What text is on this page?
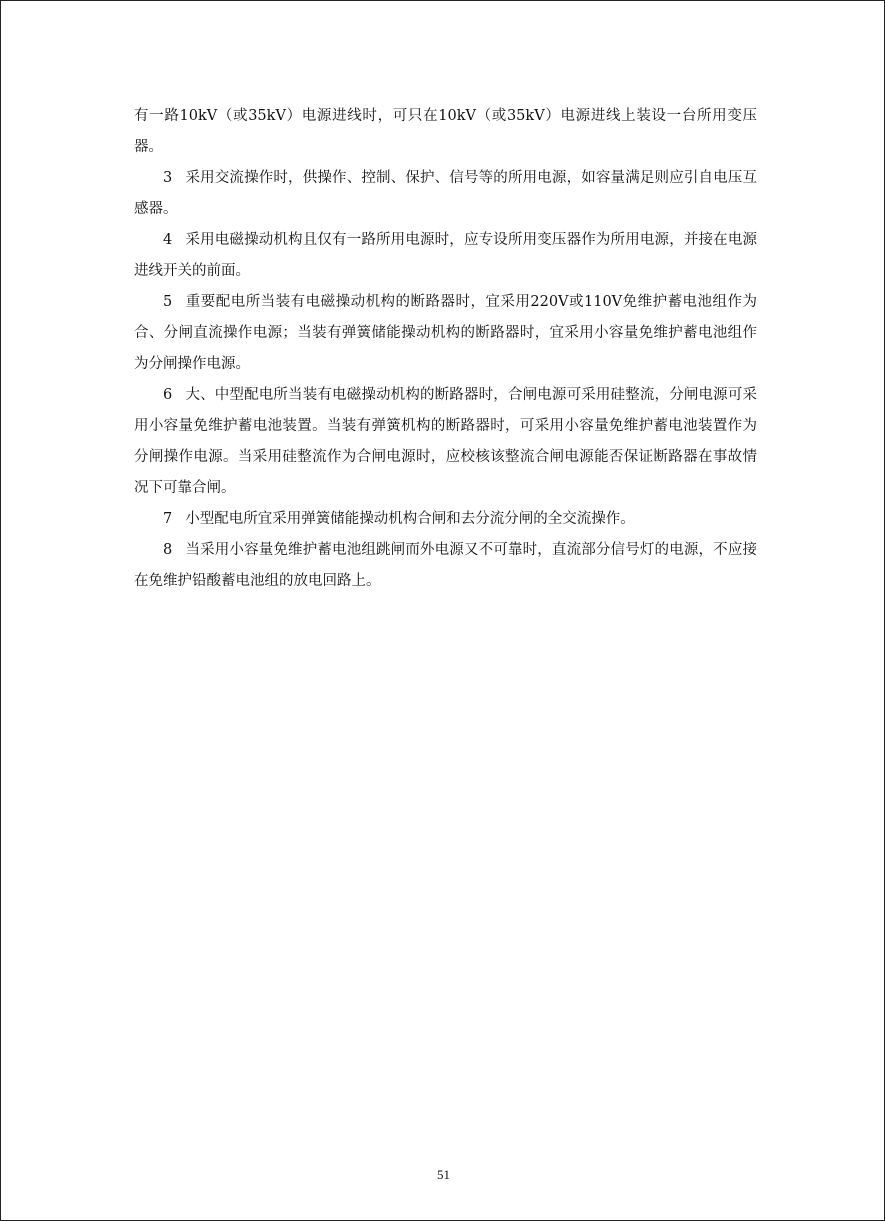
有一路10kV（或35kV）电源进线时，可只在10kV（或35kV）电源进线上装设一台所用变压器。

3 采用交流操作时，供操作、控制、保护、信号等的所用电源，如容量满足则应引自电压互感器。

4 采用电磁操动机构且仅有一路所用电源时，应专设所用变压器作为所用电源，并接在电源进线开关的前面。

5 重要配电所当装有电磁操动机构的断路器时，宜采用220V或110V免维护蓄电池组作为合、分闸直流操作电源；当装有弹簧储能操动机构的断路器时，宜采用小容量免维护蓄电池组作为分闸操作电源。

6 大、中型配电所当装有电磁操动机构的断路器时，合闸电源可采用硅整流，分闸电源可采用小容量免维护蓄电池装置。当装有弹簧机构的断路器时，可采用小容量免维护蓄电池装置作为分闸操作电源。当采用硅整流作为合闸电源时，应校核该整流合闸电源能否保证断路器在事故情况下可靠合闸。

7 小型配电所宜采用弹簧储能操动机构合闸和去分流分闸的全交流操作。

8 当采用小容量免维护蓄电池组跳闸而外电源又不可靠时，直流部分信号灯的电源，不应接在免维护铅酸蓄电池组的放电回路上。

51
